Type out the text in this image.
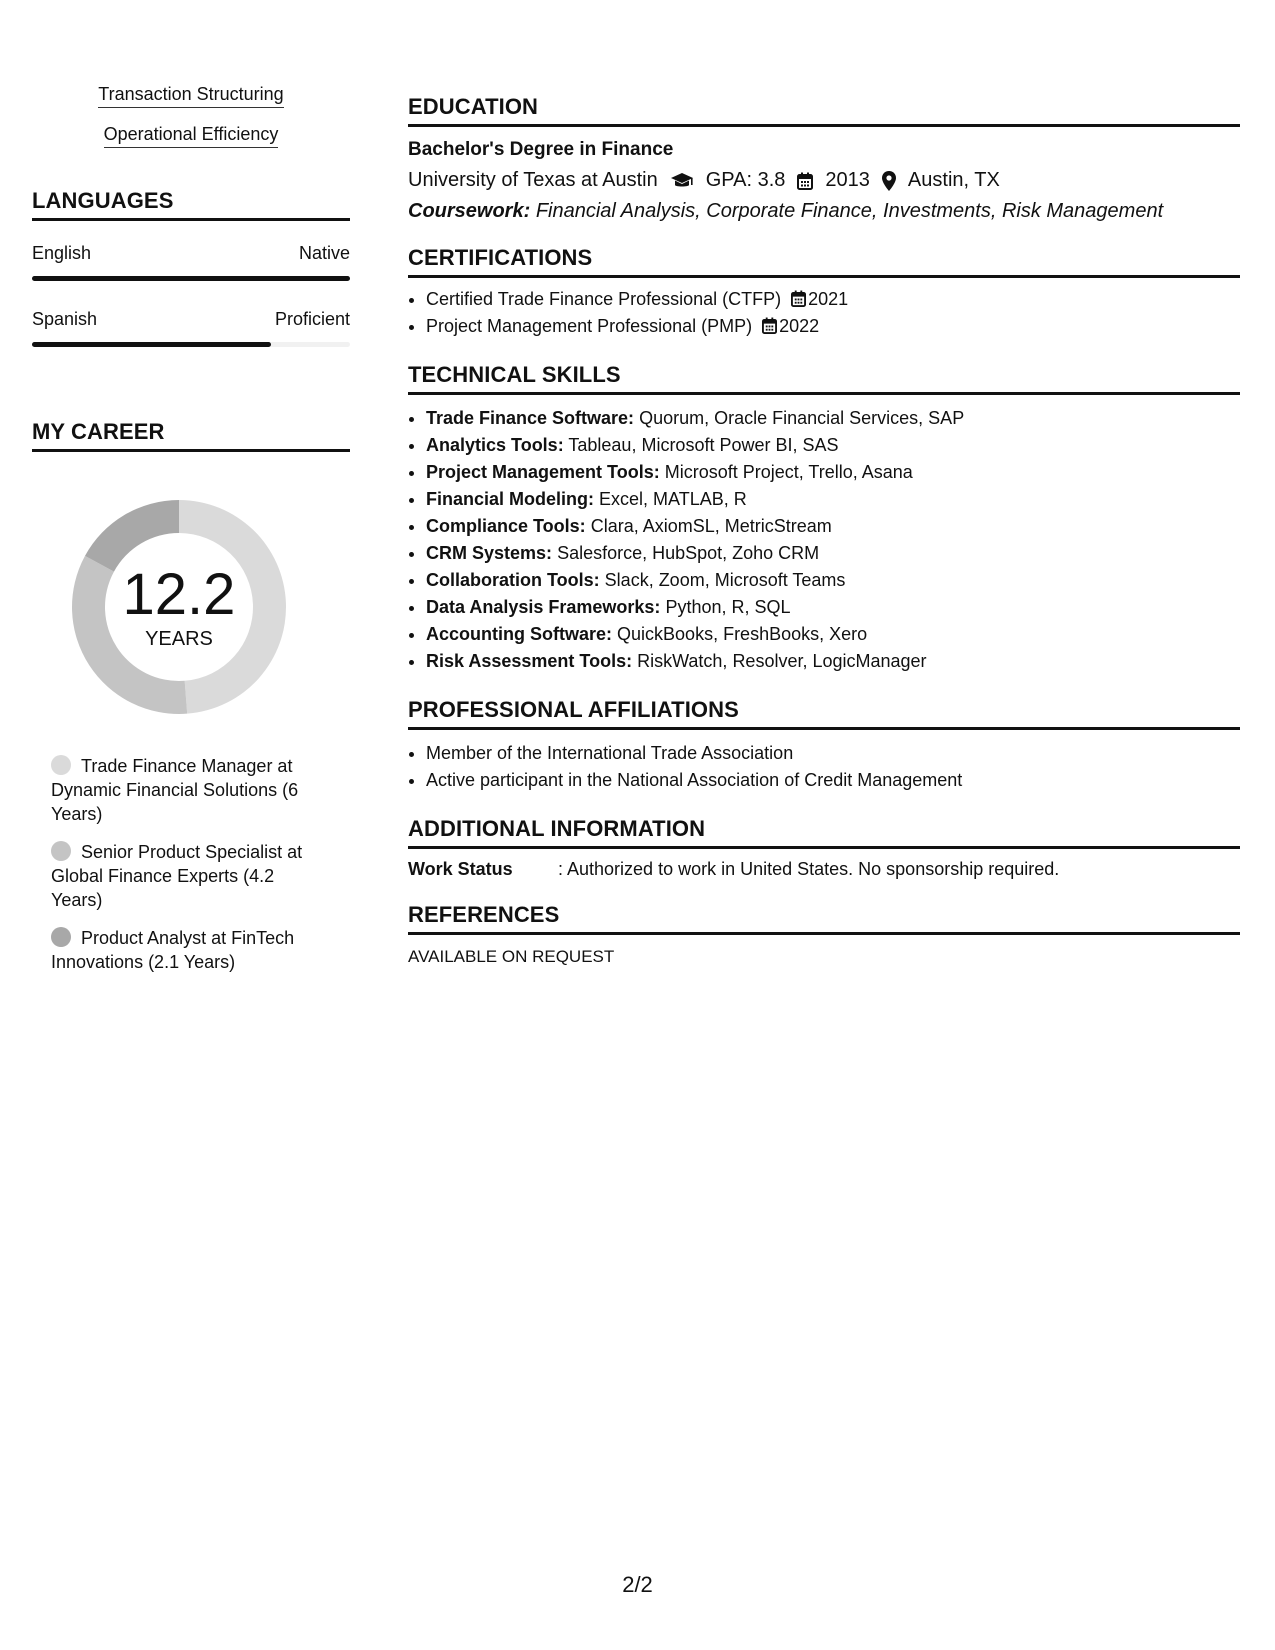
Transaction Structuring
Operational Efficiency
LANGUAGES
English	Native
Spanish	Proficient
MY CAREER
12.2
YEARS
Trade Finance Manager at Dynamic Financial Solutions (6 Years)
Senior Product Specialist at Global Finance Experts (4.2 Years)
Product Analyst at FinTech Innovations (2.1 Years)
EDUCATION
Bachelor's Degree in Finance
University of Texas at Austin GPA: 3.8 2013 Austin, TX
Coursework: Financial Analysis, Corporate Finance, Investments, Risk Management
CERTIFICATIONS
• Certified Trade Finance Professional (CTFP) 2021
• Project Management Professional (PMP) 2022
TECHNICAL SKILLS
• Trade Finance Software: Quorum, Oracle Financial Services, SAP
• Analytics Tools: Tableau, Microsoft Power BI, SAS
• Project Management Tools: Microsoft Project, Trello, Asana
• Financial Modeling: Excel, MATLAB, R
• Compliance Tools: Clara, AxiomSL, MetricStream
• CRM Systems: Salesforce, HubSpot, Zoho CRM
• Collaboration Tools: Slack, Zoom, Microsoft Teams
• Data Analysis Frameworks: Python, R, SQL
• Accounting Software: QuickBooks, FreshBooks, Xero
• Risk Assessment Tools: RiskWatch, Resolver, LogicManager
PROFESSIONAL AFFILIATIONS
• Member of the International Trade Association
• Active participant in the National Association of Credit Management
ADDITIONAL INFORMATION
Work Status	: Authorized to work in United States. No sponsorship required.
REFERENCES
AVAILABLE ON REQUEST
2/2
